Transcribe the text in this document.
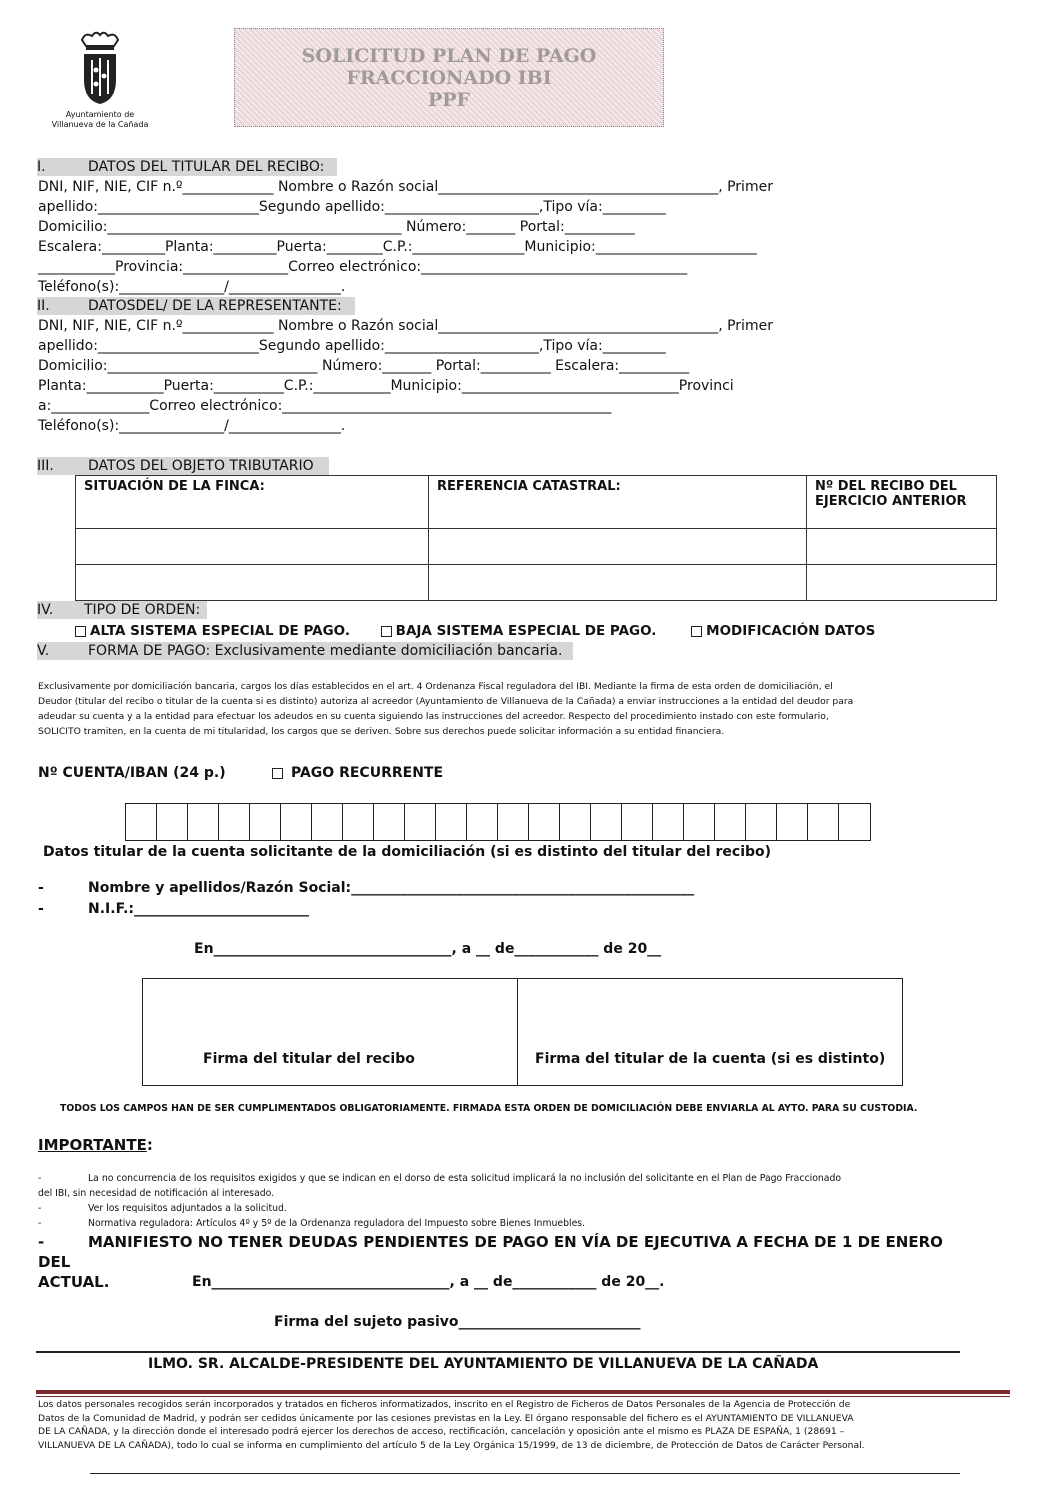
Ayuntamiento de
Villanueva de la Cañada
SOLICITUD PLAN DE PAGO
FRACCIONADO IBI
PPF
I.	DATOS DEL TITULAR DEL RECIBO:
DNI, NIF, NIE, CIF n.º_____________ Nombre o Razón social________________________________________, Primer
apellido:_______________________Segundo apellido:______________________,Tipo vía:_________
Domicilio:__________________________________________ Número:_______ Portal:__________
Escalera:_________Planta:_________Puerta:________C.P.:________________Municipio:_______________________
___________Provincia:_______________Correo electrónico:______________________________________
Teléfono(s):_______________/________________.
II.	DATOSDEL/ DE LA REPRESENTANTE:
DNI, NIF, NIE, CIF n.º_____________ Nombre o Razón social________________________________________, Primer
apellido:_______________________Segundo apellido:______________________,Tipo vía:_________
Domicilio:______________________________ Número:_______ Portal:__________ Escalera:__________
Planta:___________Puerta:__________C.P.:___________Municipio:_______________________________Provinci
a:______________Correo electrónico:_______________________________________________
Teléfono(s):_______________/________________.
III. DATOS DEL OBJETO TRIBUTARIO
SITUACIÓN DE LA FINCA:	REFERENCIA CATASTRAL:	Nº DEL RECIBO DEL
EJERCICIO ANTERIOR

IV. TIPO DE ORDEN:
ALTA SISTEMA ESPECIAL DE PAGO.	BAJA SISTEMA ESPECIAL DE PAGO.	MODIFICACIÓN DATOS
V.	FORMA DE PAGO: Exclusivamente mediante domiciliación bancaria.
Exclusivamente por domiciliación bancaria, cargos los días establecidos en el art. 4 Ordenanza Fiscal reguladora del IBI. Mediante la firma de esta orden de domiciliación, el
Deudor (titular del recibo o titular de la cuenta si es distinto) autoriza al acreedor (Ayuntamiento de Villanueva de la Cañada) a enviar instrucciones a la entidad del deudor para
adeudar su cuenta y a la entidad para efectuar los adeudos en su cuenta siguiendo las instrucciones del acreedor. Respecto del procedimiento instado con este formulario,
SOLICITO tramiten, en la cuenta de mi titularidad, los cargos que se deriven. Sobre sus derechos puede solicitar información a su entidad financiera.
Nº CUENTA/IBAN (24 p.)	PAGO RECURRENTE
Datos titular de la cuenta solicitante de la domiciliación (si es distinto del titular del recibo)
-	Nombre y apellidos/Razón Social:_________________________________________________
-	N.I.F.:_________________________
En__________________________________, a __ de____________ de 20__
Firma del titular del recibo	Firma del titular de la cuenta (si es distinto)
TODOS LOS CAMPOS HAN DE SER CUMPLIMENTADOS OBLIGATORIAMENTE. FIRMADA ESTA ORDEN DE DOMICILIACIÓN DEBE ENVIARLA AL AYTO. PARA SU CUSTODIA.
IMPORTANTE:
-	La no concurrencia de los requisitos exigidos y que se indican en el dorso de esta solicitud implicará la no inclusión del solicitante en el Plan de Pago Fraccionado
del IBI, sin necesidad de notificación al interesado.
-	Ver los requisitos adjuntados a la solicitud.
-	Normativa reguladora: Artículos 4º y 5º de la Ordenanza reguladora del Impuesto sobre Bienes Inmuebles.
-	MANIFIESTO NO TENER DEUDAS PENDIENTES DE PAGO EN VÍA DE EJECUTIVA A FECHA DE 1 DE ENERO DEL
ACTUAL.	En__________________________________, a __ de____________ de 20__.
Firma del sujeto pasivo__________________________
ILMO. SR. ALCALDE-PRESIDENTE DEL AYUNTAMIENTO DE VILLANUEVA DE LA CAÑADA
Los datos personales recogidos serán incorporados y tratados en ficheros informatizados, inscrito en el Registro de Ficheros de Datos Personales de la Agencia de Protección de
Datos de la Comunidad de Madrid, y podrán ser cedidos únicamente por las cesiones previstas en la Ley. El órgano responsable del fichero es el AYUNTAMIENTO DE VILLANUEVA
DE LA CAÑADA, y la dirección donde el interesado podrá ejercer los derechos de acceso, rectificación, cancelación y oposición ante el mismo es PLAZA DE ESPAÑA, 1 (28691 –
VILLANUEVA DE LA CAÑADA), todo lo cual se informa en cumplimiento del artículo 5 de la Ley Orgánica 15/1999, de 13 de diciembre, de Protección de Datos de Carácter Personal.
